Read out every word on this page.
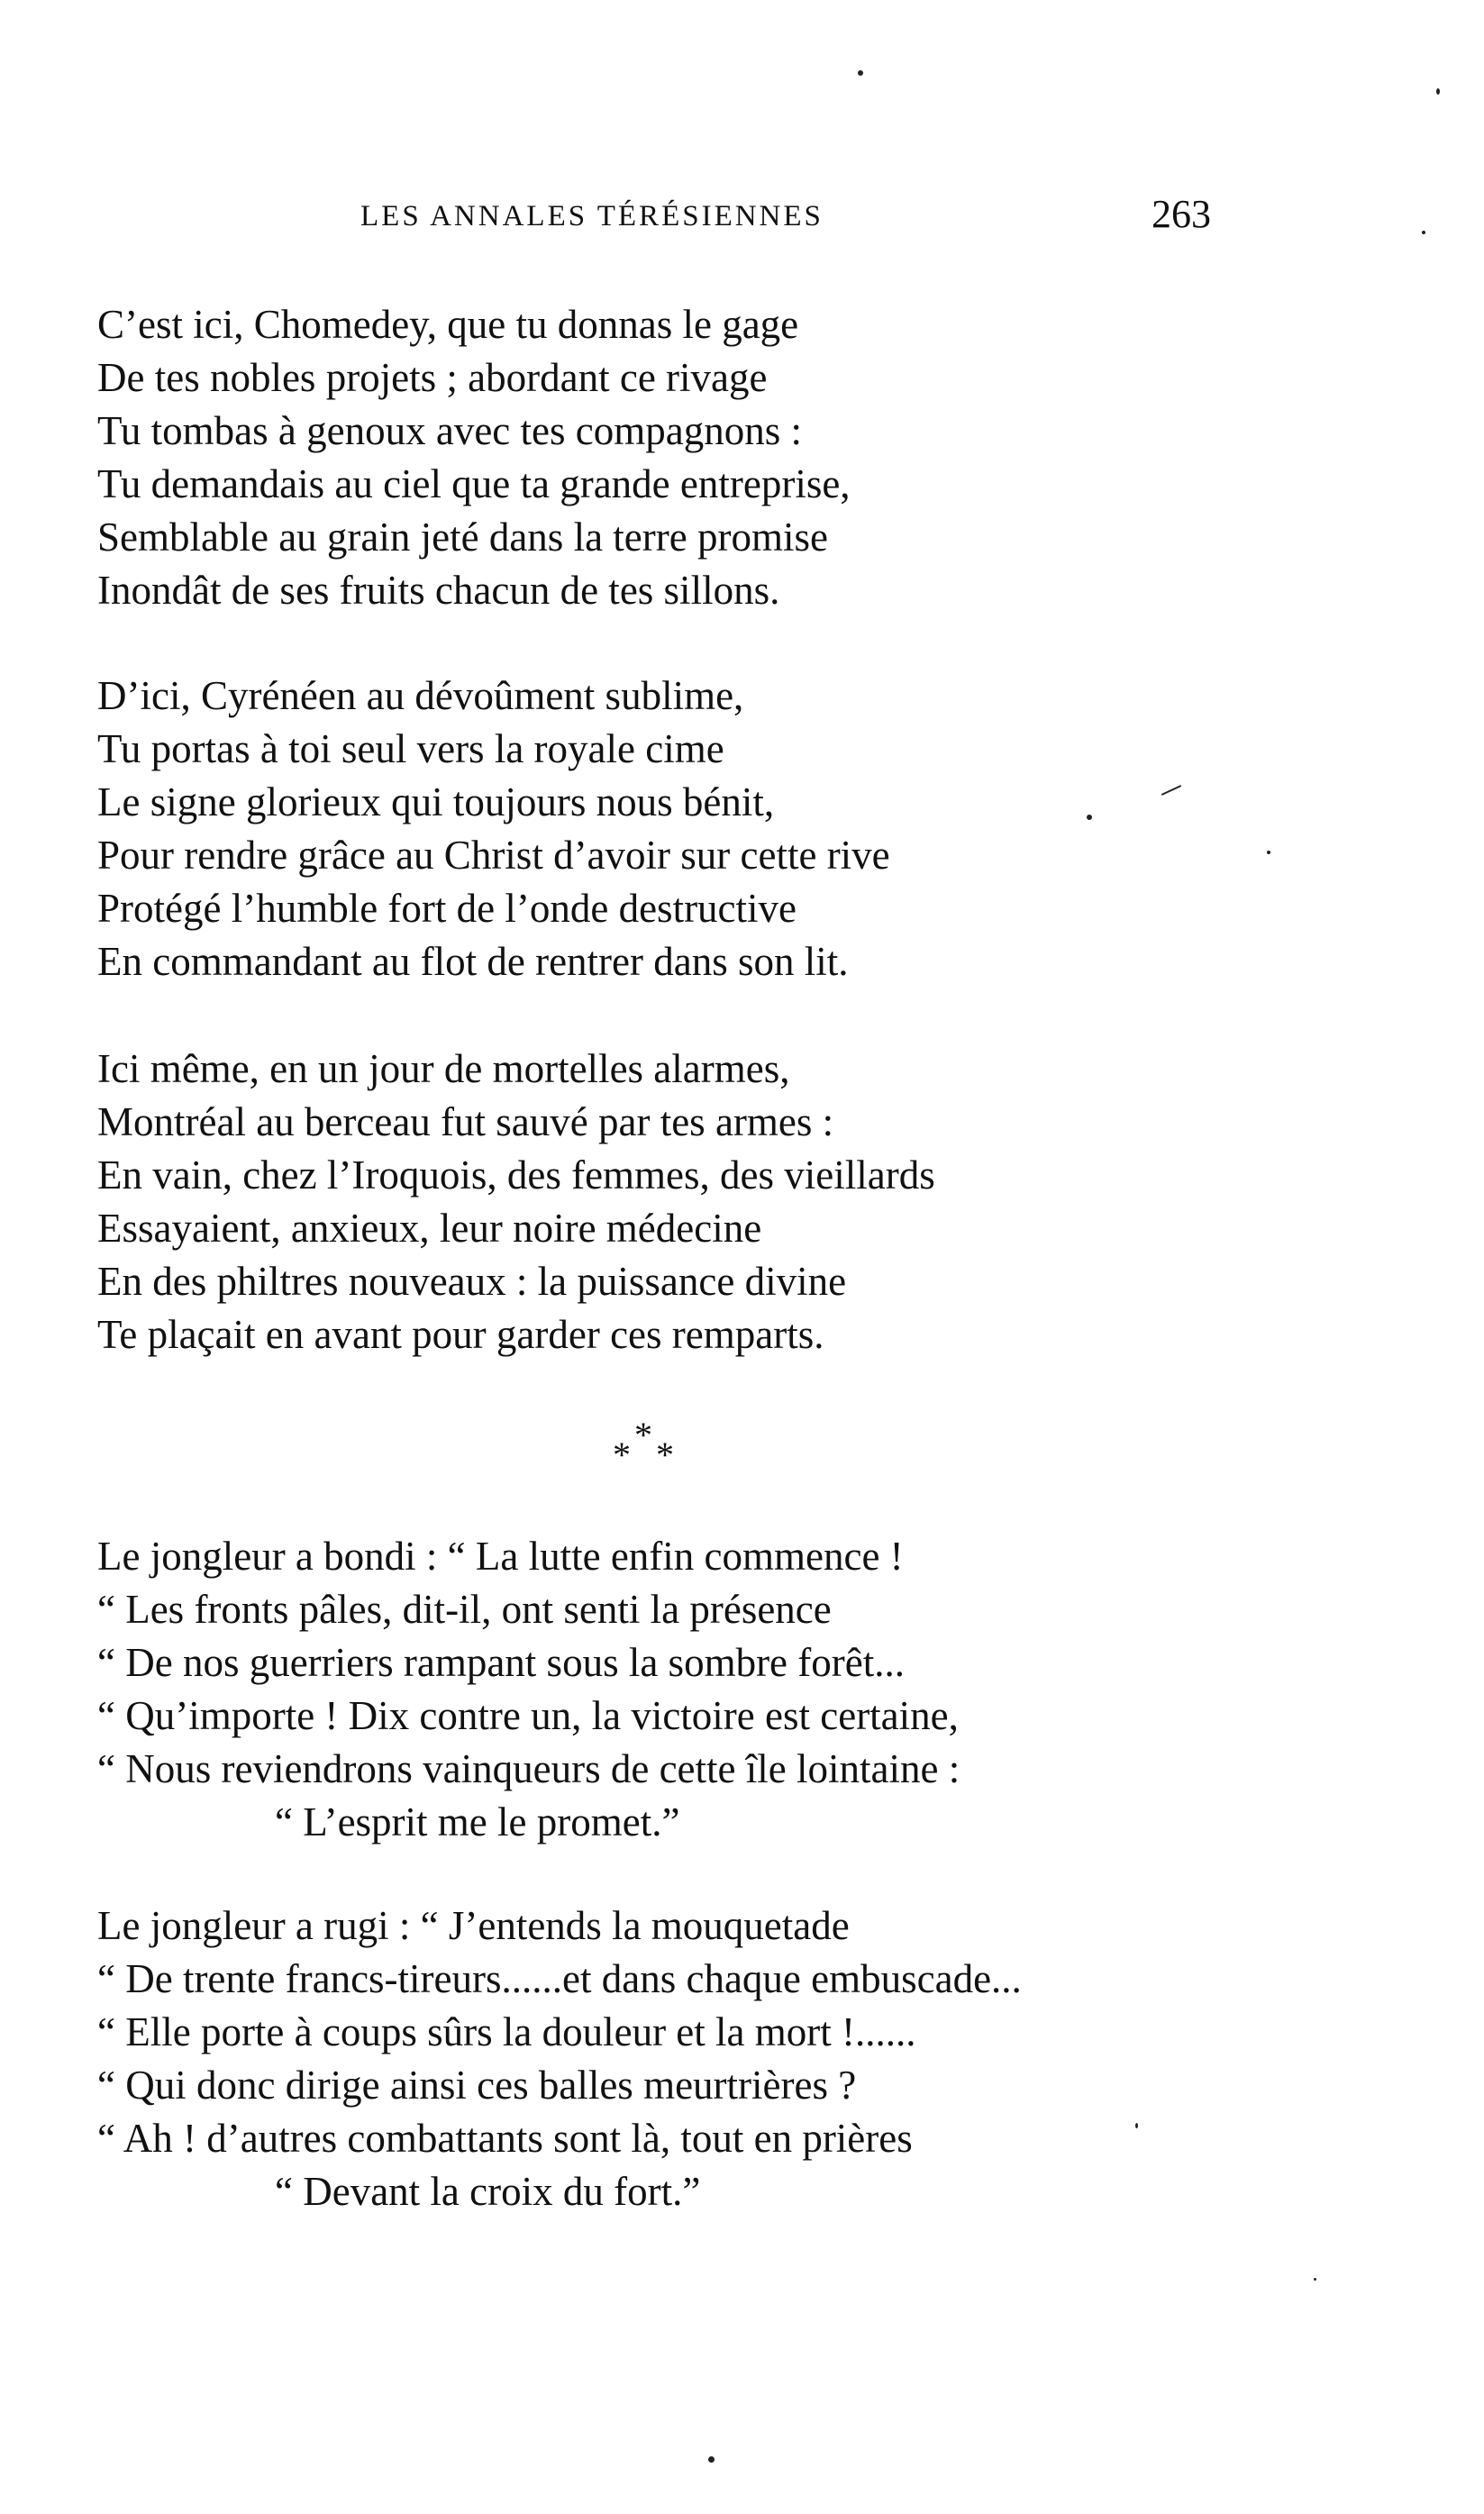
LES ANNALES TÉRÉSIENNES	263
C’est ici, Chomedey, que tu donnas le gage
De tes nobles projets ; abordant ce rivage
Tu tombas à genoux avec tes compagnons :
Tu demandais au ciel que ta grande entreprise,
Semblable au grain jeté dans la terre promise
Inondât de ses fruits chacun de tes sillons.
D’ici, Cyrénéen au dévoûment sublime,
Tu portas à toi seul vers la royale cime
Le signe glorieux qui toujours nous bénit,
Pour rendre grâce au Christ d’avoir sur cette rive
Protégé l’humble fort de l’onde destructive
En commandant au flot de rentrer dans son lit.
Ici même, en un jour de mortelles alarmes,
Montréal au berceau fut sauvé par tes armes :
En vain, chez l’Iroquois, des femmes, des vieillards
Essayaient, anxieux, leur noire médecine
En des philtres nouveaux : la puissance divine
Te plaçait en avant pour garder ces remparts.
*
* *
Le jongleur a bondi : “ La lutte enfin commence !
“ Les fronts pâles, dit-il, ont senti la présence
“ De nos guerriers rampant sous la sombre forêt...
“ Qu’importe ! Dix contre un, la victoire est certaine,
“ Nous reviendrons vainqueurs de cette île lointaine :
“ L’esprit me le promet.”
Le jongleur a rugi : “ J’entends la mouquetade
“ De trente francs-tireurs......et dans chaque embuscade...
“ Elle porte à coups sûrs la douleur et la mort !......
“ Qui donc dirige ainsi ces balles meurtrières ?
“ Ah ! d’autres combattants sont là, tout en prières
“ Devant la croix du fort.”
